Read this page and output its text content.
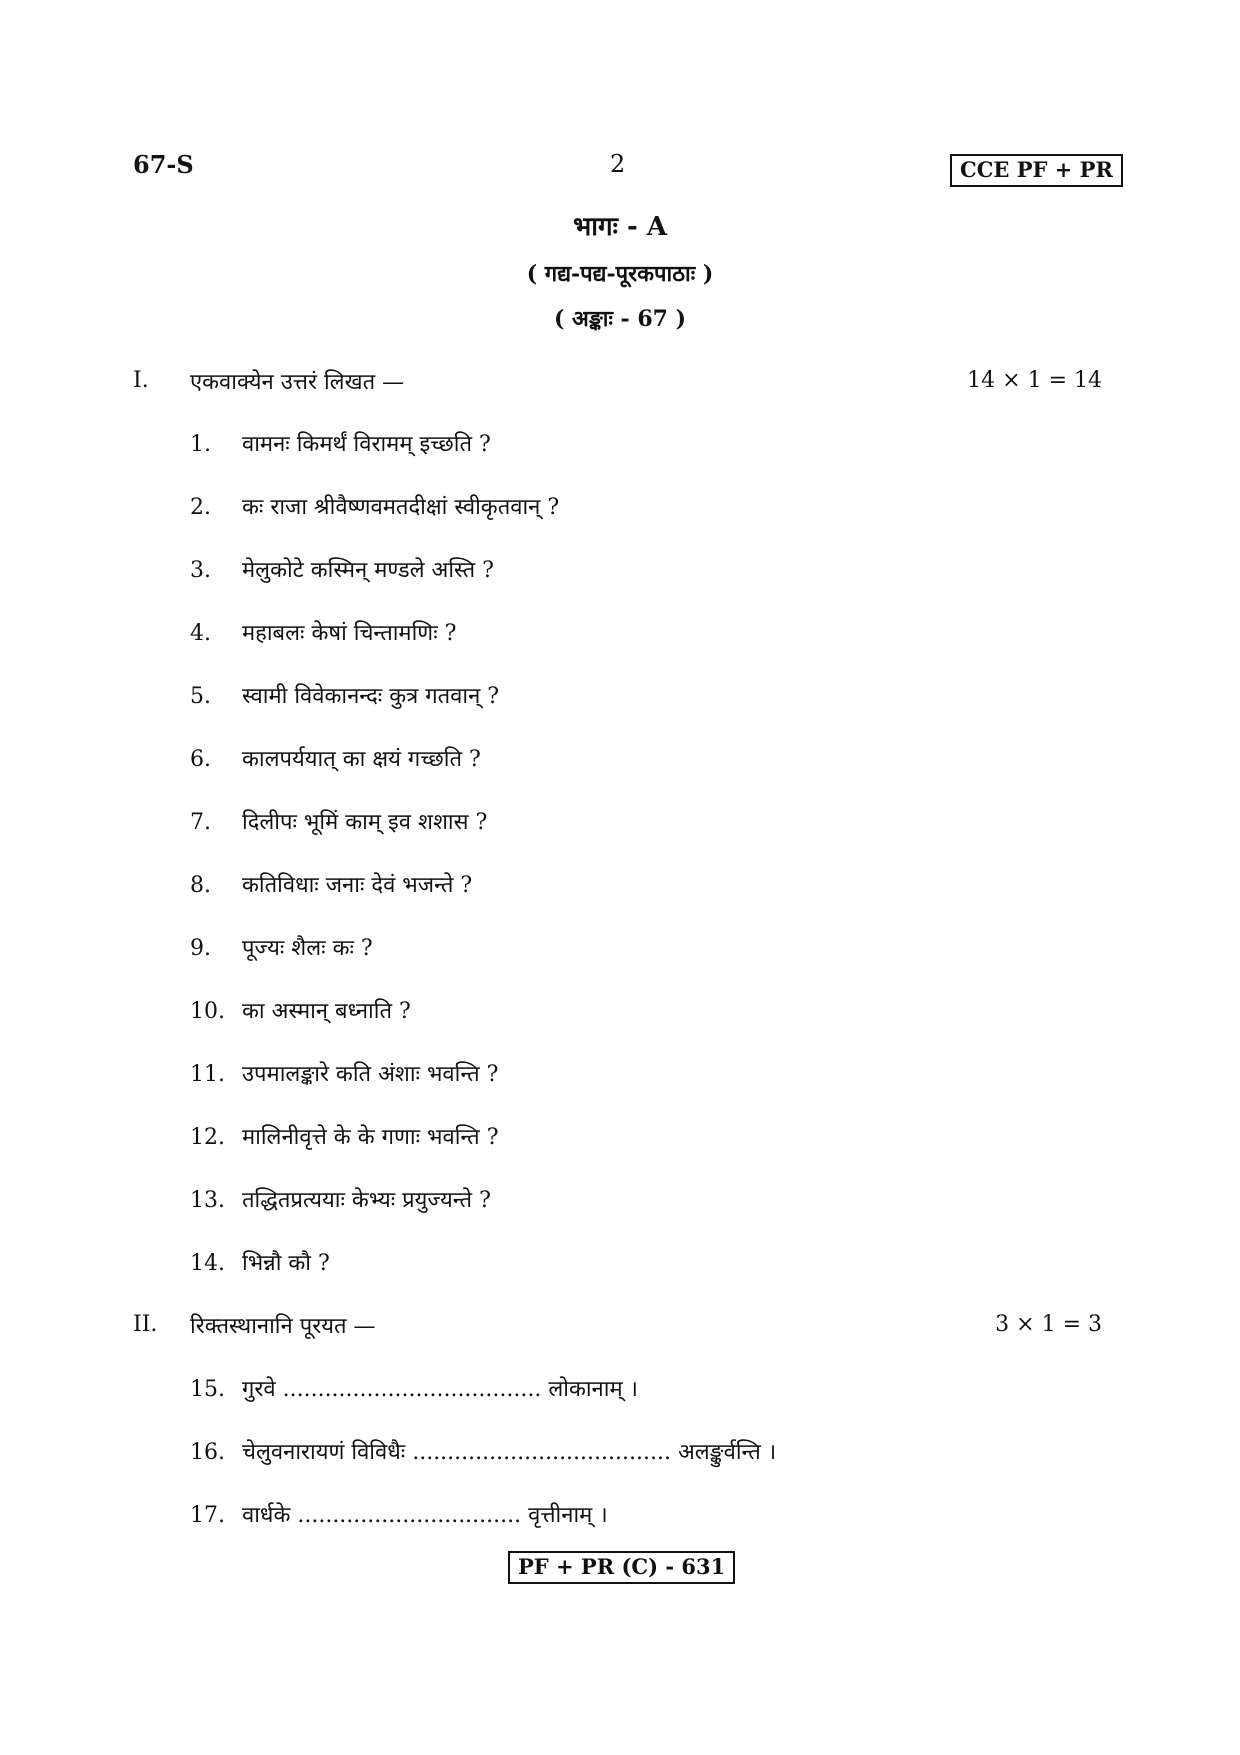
67-S	2	CCE PF + PR
भागः - A
( गद्य-पद्य-पूरकपाठाः )
( अङ्काः - 67 )
I. एकवाक्येन उत्तरं लिखत —	14 × 1 = 14
1. वामनः किमर्थं विरामम् इच्छति ?
2. कः राजा श्रीवैष्णवमतदीक्षां स्वीकृतवान् ?
3. मेलुकोटे कस्मिन् मण्डले अस्ति ?
4. महाबलः केषां चिन्तामणिः ?
5. स्वामी विवेकानन्दः कुत्र गतवान् ?
6. कालपर्ययात् का क्षयं गच्छति ?
7. दिलीपः भूमिं काम् इव शशास ?
8. कतिविधाः जनाः देवं भजन्ते ?
9. पूज्यः शैलः कः ?
10. का अस्मान् बध्नाति ?
11. उपमालङ्कारे कति अंशाः भवन्ति ?
12. मालिनीवृत्ते के के गणाः भवन्ति ?
13. तद्धितप्रत्ययाः केभ्यः प्रयुज्यन्ते ?
14. भिन्नौ कौ ?
II. रिक्तस्थानानि पूरयत —	3 × 1 = 3
15. गुरवे ..................................... लोकानाम् ।
16. चेलुवनारायणं विविधैः ..................................... अलङ्कुर्वन्ति ।
17. वार्धके ................................ वृत्तीनाम् ।
PF + PR (C) - 631
